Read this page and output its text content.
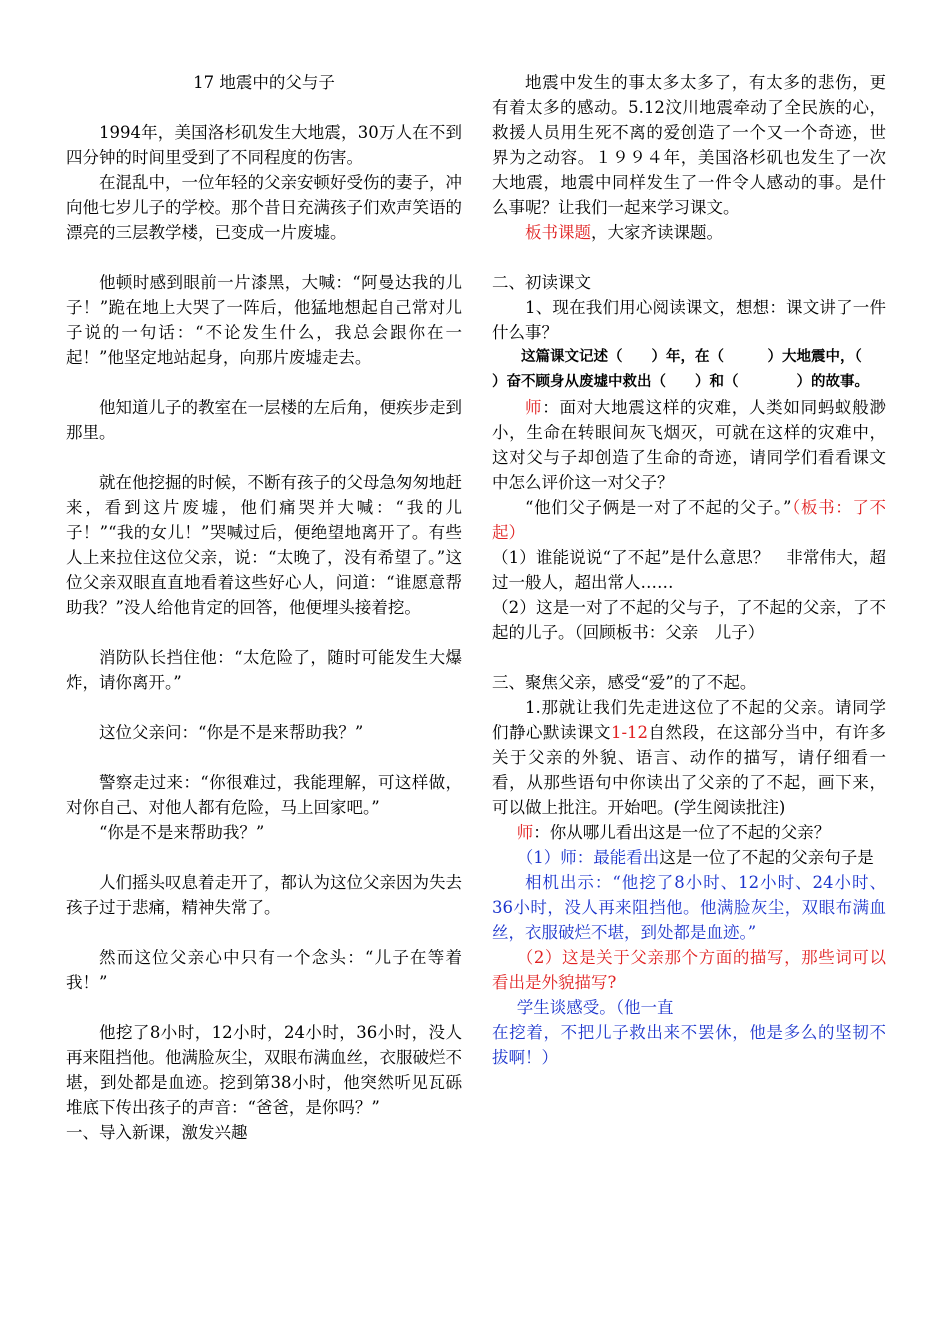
17 地震中的父与子

1994年，美国洛杉矶发生大地震，30万人在不到四分钟的时间里受到了不同程度的伤害。

在混乱中，一位年轻的父亲安顿好受伤的妻子，冲向他七岁儿子的学校。那个昔日充满孩子们欢声笑语的漂亮的三层教学楼，已变成一片废墟。

他顿时感到眼前一片漆黑，大喊：“阿曼达我的儿子！”跪在地上大哭了一阵后，他猛地想起自己常对儿子说的一句话：“不论发生什么，我总会跟你在一起！”他坚定地站起身，向那片废墟走去。

他知道儿子的教室在一层楼的左后角，便疾步走到那里。

就在他挖掘的时候，不断有孩子的父母急匆匆地赶来，看到这片废墟，他们痛哭并大喊：“我的儿子！”“我的女儿！”哭喊过后，便绝望地离开了。有些人上来拉住这位父亲，说：“太晚了，没有希望了。”这位父亲双眼直直地看着这些好心人，问道：“谁愿意帮助我？”没人给他肯定的回答，他便埋头接着挖。

消防队长挡住他：“太危险了，随时可能发生大爆炸，请你离开。”

这位父亲问：“你是不是来帮助我？”

警察走过来：“你很难过，我能理解，可这样做，对你自己、对他人都有危险，马上回家吧。”

“你是不是来帮助我？”

人们摇头叹息着走开了，都认为这位父亲因为失去孩子过于悲痛，精神失常了。

然而这位父亲心中只有一个念头：“儿子在等着我！”

他挖了8小时，12小时，24小时，36小时，没人再来阻挡他。他满脸灰尘，双眼布满血丝，衣服破烂不堪，到处都是血迹。挖到第38小时，他突然听见瓦砾堆底下传出孩子的声音：“爸爸，是你吗？”

一、导入新课，激发兴趣

地震中发生的事太多太多了，有太多的悲伤，更有着太多的感动。5.12汶川地震牵动了全民族的心，救援人员用生死不离的爱创造了一个又一个奇迹，世界为之动容。１９９４年，美国洛杉矶也发生了一次大地震，地震中同样发生了一件令人感动的事。是什么事呢？让我们一起来学习课文。

板书课题，大家齐读课题。

二、初读课文

1、现在我们用心阅读课文，想想：课文讲了一件什么事？

这篇课文记述（　　）年，在（　　　）大地震中，（

）奋不顾身从废墟中救出（　　）和（　　　　）的故事。

师：面对大地震这样的灾难，人类如同蚂蚁般渺小，生命在转眼间灰飞烟灭，可就在这样的灾难中，这对父与子却创造了生命的奇迹，请同学们看看课文中怎么评价这一对父子？

“他们父子俩是一对了不起的父子。”（板书：了不起）

（1）谁能说说“了不起”是什么意思？　非常伟大，超过一般人，超出常人……

（2）这是一对了不起的父与子，了不起的父亲，了不起的儿子。（回顾板书：父亲　儿子）

三、聚焦父亲，感受“爱”的了不起。

1.那就让我们先走进这位了不起的父亲。请同学们静心默读课文1-12自然段，在这部分当中，有许多关于父亲的外貌、语言、动作的描写，请仔细看一看，从那些语句中你读出了父亲的了不起，画下来，可以做上批注。开始吧。(学生阅读批注)

师：你从哪儿看出这是一位了不起的父亲？

（1）师：最能看出这是一位了不起的父亲句子是

相机出示：“他挖了8小时、12小时、24小时、36小时，没人再来阻挡他。他满脸灰尘，双眼布满血丝，衣服破烂不堪，到处都是血迹。”

（2）这是关于父亲那个方面的描写，那些词可以看出是外貌描写?

学生谈感受。（他一直

在挖着，不把儿子救出来不罢休，他是多么的坚韧不拔啊！）
